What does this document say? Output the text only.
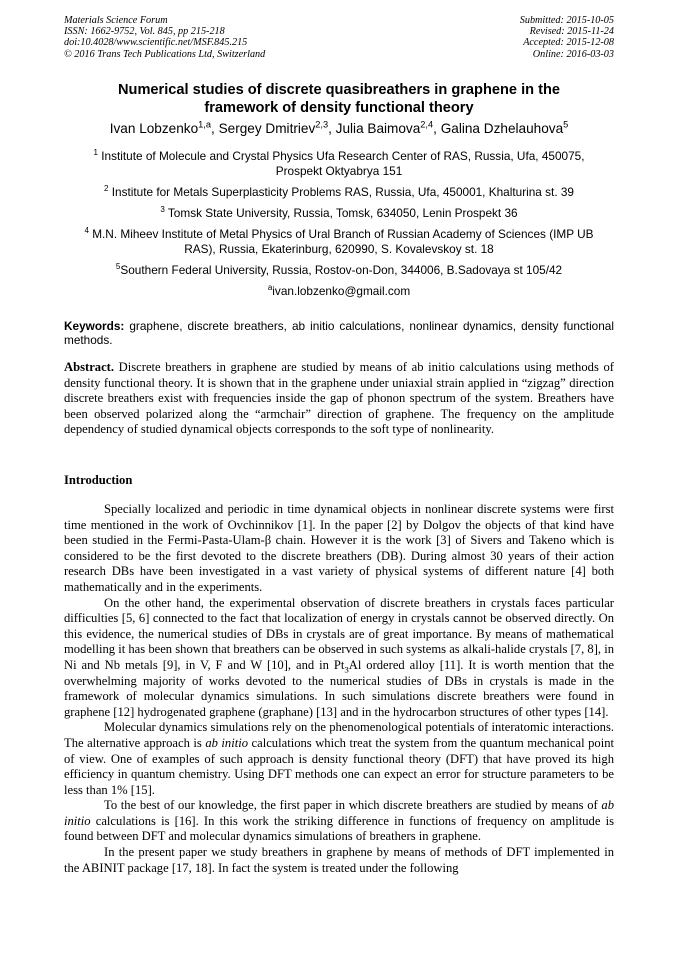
Materials Science Forum
ISSN: 1662-9752, Vol. 845, pp 215-218
doi:10.4028/www.scientific.net/MSF.845.215
© 2016 Trans Tech Publications Ltd, Switzerland
Submitted: 2015-10-05
Revised: 2015-11-24
Accepted: 2015-12-08
Online: 2016-03-03
Numerical studies of discrete quasibreathers in graphene in the
framework of density functional theory
Ivan Lobzenko$^{1,a}$, Sergey Dmitriev$^{2,3}$, Julia Baimova$^{2,4}$, Galina Dzhelauhova$^5$
$^1$ Institute of Molecule and Crystal Physics Ufa Research Center of RAS, Russia, Ufa, 450075,
Prospekt Oktyabrya 151
$^2$ Institute for Metals Superplasticity Problems RAS, Russia, Ufa, 450001, Khalturina st. 39
$^3$ Tomsk State University, Russia, Tomsk, 634050, Lenin Prospekt 36
$^4$ M.N. Miheev Institute of Metal Physics of Ural Branch of Russian Academy of Sciences (IMP UB
RAS), Russia, Ekaterinburg, 620990, S. Kovalevskoy st. 18
$^5$Southern Federal University, Russia, Rostov-on-Don, 344006, B.Sadovaya st 105/42
$^a$ivan.lobzenko@gmail.com
Keywords: graphene, discrete breathers, ab initio calculations, nonlinear dynamics, density functional methods.
Abstract. Discrete breathers in graphene are studied by means of ab initio calculations using methods of density functional theory. It is shown that in the graphene under uniaxial strain applied in “zigzag” direction discrete breathers exist with frequencies inside the gap of phonon spectrum of the system. Breathers have been observed polarized along the “armchair” direction of graphene. The frequency on the amplitude dependency of studied dynamical objects corresponds to the soft type of nonlinearity.
Introduction

Specially localized and periodic in time dynamical objects in nonlinear discrete systems were first time mentioned in the work of Ovchinnikov [1]. In the paper [2] by Dolgov the objects of that kind have been studied in the Fermi-Pasta-Ulam-β chain. However it is the work [3] of Sivers and Takeno which is considered to be the first devoted to the discrete breathers (DB). During almost 30 years of their action research DBs have been investigated in a vast variety of physical systems of different nature [4] both mathematically and in the experiments.

On the other hand, the experimental observation of discrete breathers in crystals faces particular difficulties [5, 6] connected to the fact that localization of energy in crystals cannot be observed directly. On this evidence, the numerical studies of DBs in crystals are of great importance. By means of mathematical modelling it has been shown that breathers can be observed in such systems as alkali-halide crystals [7, 8], in Ni and Nb metals [9], in V, F and W [10], and in $Pt_3Al$ ordered alloy [11]. It is worth mention that the overwhelming majority of works devoted to the numerical studies of DBs in crystals is made in the framework of molecular dynamics simulations. In such simulations discrete breathers were found in graphene [12] hydrogenated graphene (graphane) [13] and in the hydrocarbon structures of other types [14].

Molecular dynamics simulations rely on the phenomenological potentials of interatomic interactions. The alternative approach is ab initio calculations which treat the system from the quantum mechanical point of view. One of examples of such approach is density functional theory (DFT) that have proved its high efficiency in quantum chemistry. Using DFT methods one can expect an error for structure parameters to be less than 1% [15].

To the best of our knowledge, the first paper in which discrete breathers are studied by means of ab initio calculations is [16]. In this work the striking difference in functions of frequency on amplitude is found between DFT and molecular dynamics simulations of breathers in graphene.

In the present paper we study breathers in graphene by means of methods of DFT implemented in the ABINIT package [17, 18]. In fact the system is treated under the following
